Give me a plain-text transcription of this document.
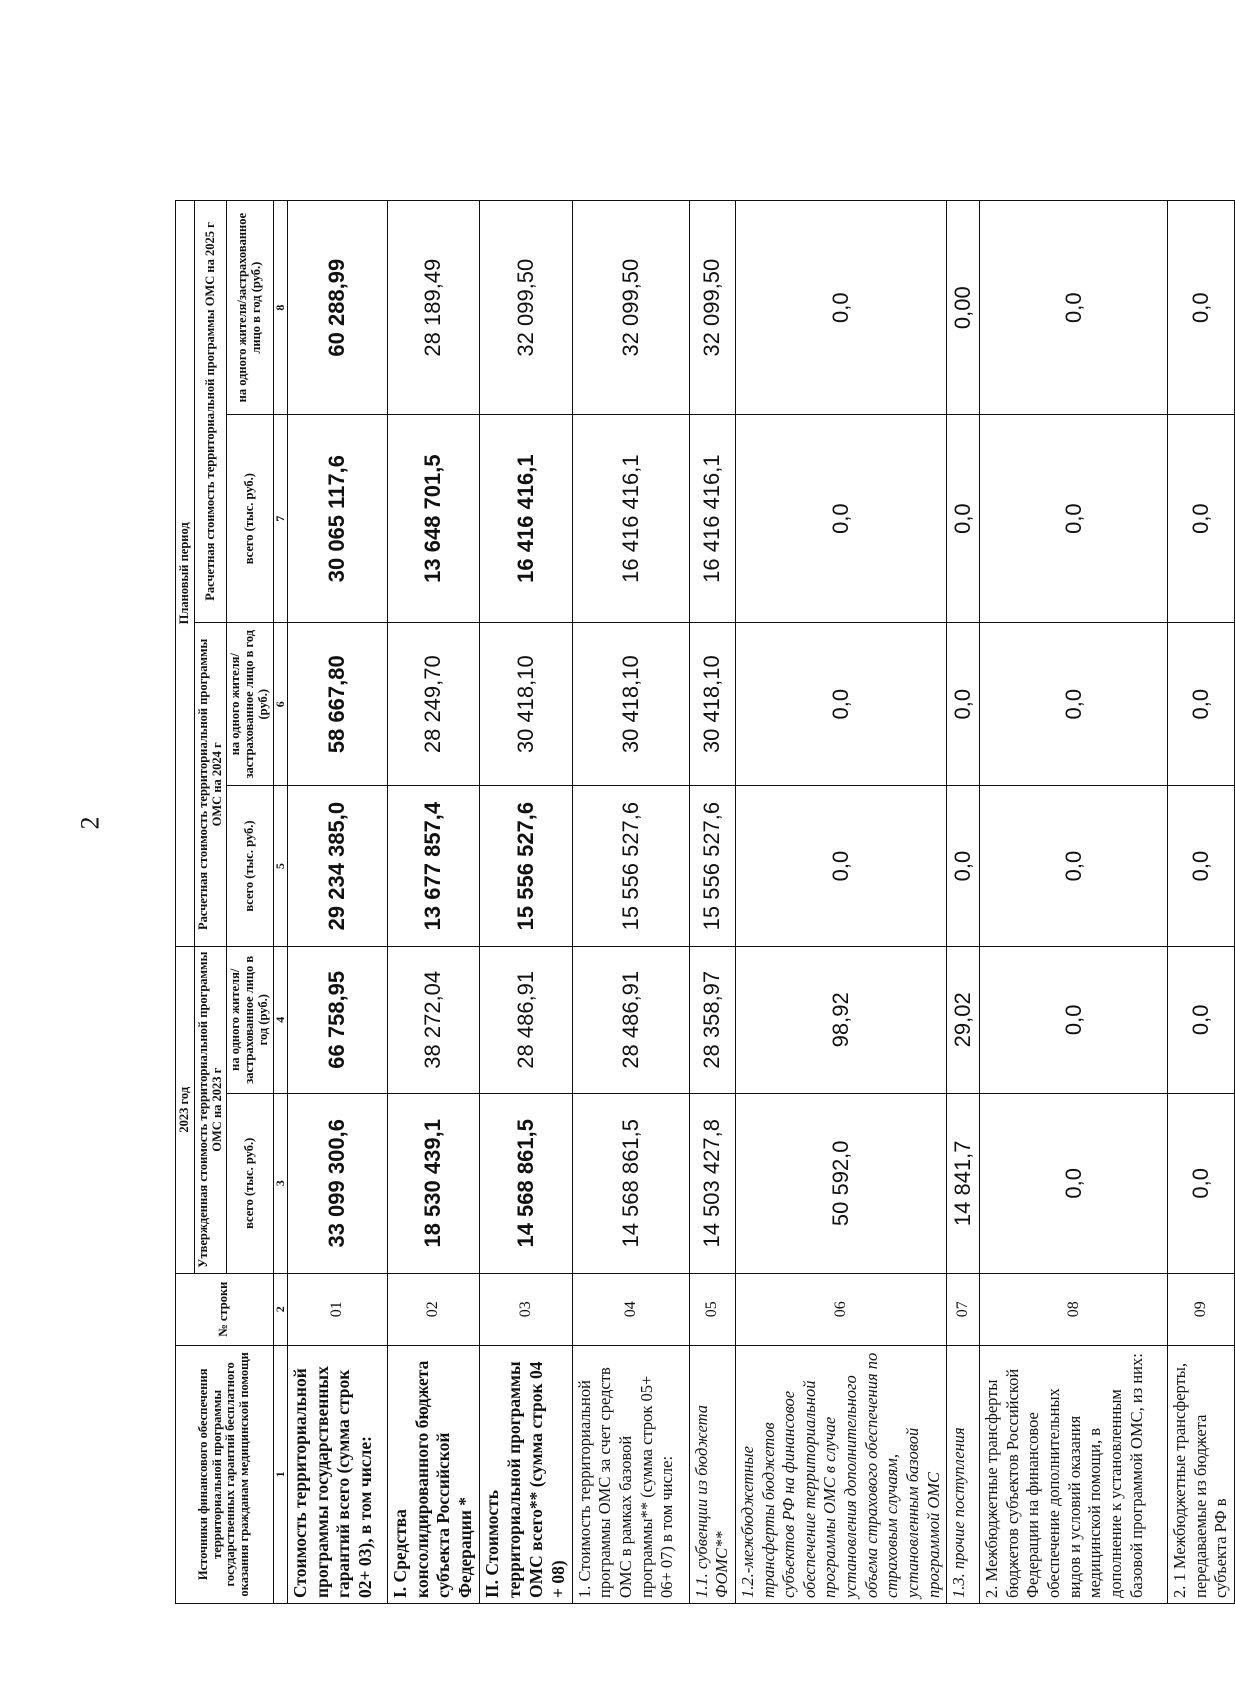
2
Источники финансового обеспечения территориальной программы государственных гарантий бесплатного оказания гражданам медицинской помощи	№ строки	2023 год		Плановый период			
		Утвержденная стоимость территориальной программы ОМС на 2023 г		Расчетная стоимость территориальной программы ОМС на 2024 г		Расчетная стоимость территориальной программы ОМС на 2025 г	
		всего (тыс. руб.)	на одного жителя/застрахованное лицо в год (руб.)	всего (тыс. руб.)	на одного жителя/застрахованное лицо в год (руб.)	всего (тыс. руб.)	на одного жителя/застрахованное лицо в год (руб.)
1	2	3	4	5	6	7	8
Стоимость территориальной программы государственных гарантий всего (сумма строк 02+ 03), в том числе:	01	33 099 300,6	66 758,95	29 234 385,0	58 667,80	30 065 117,6	60 288,99
I. Средства консолидированного бюджета субъекта Российской Федерации *	02	18 530 439,1	38 272,04	13 677 857,4	28 249,70	13 648 701,5	28 189,49
II. Стоимость территориальной программы ОМС всего** (сумма строк 04 + 08)	03	14 568 861,5	28 486,91	15 556 527,6	30 418,10	16 416 416,1	32 099,50
1. Стоимость территориальной программы ОМС за счет средств ОМС в рамках базовой программы** (сумма строк 05+ 06+ 07) в том числе:	04	14 568 861,5	28 486,91	15 556 527,6	30 418,10	16 416 416,1	32 099,50
1.1. субвенции из бюджета ФОМС**	05	14 503 427,8	28 358,97	15 556 527,6	30 418,10	16 416 416,1	32 099,50
1.2.-межбюджетные трансферты бюджетов субъектов РФ на финансовое обеспечение территориальной программы ОМС в случае установления дополнительного объема страхового обеспечения по страховым случаям, установленным базовой программой ОМС	06	50 592,0	98,92	0,0	0,0	0,0	0,0
1.3. прочие поступления	07	14 841,7	29,02	0,0	0,0	0,0	0,00
2. Межбюджетные трансферты бюджетов субъектов Российской Федерации на финансовое обеспечение дополнительных видов и условий оказания медицинской помощи, в дополнение к установленным базовой программой ОМС, из них:	08	0,0	0,0	0,0	0,0	0,0	0,0
2. 1 Межбюджетные трансферты, передаваемые из бюджета субъекта РФ в	09	0,0	0,0	0,0	0,0	0,0	0,0
